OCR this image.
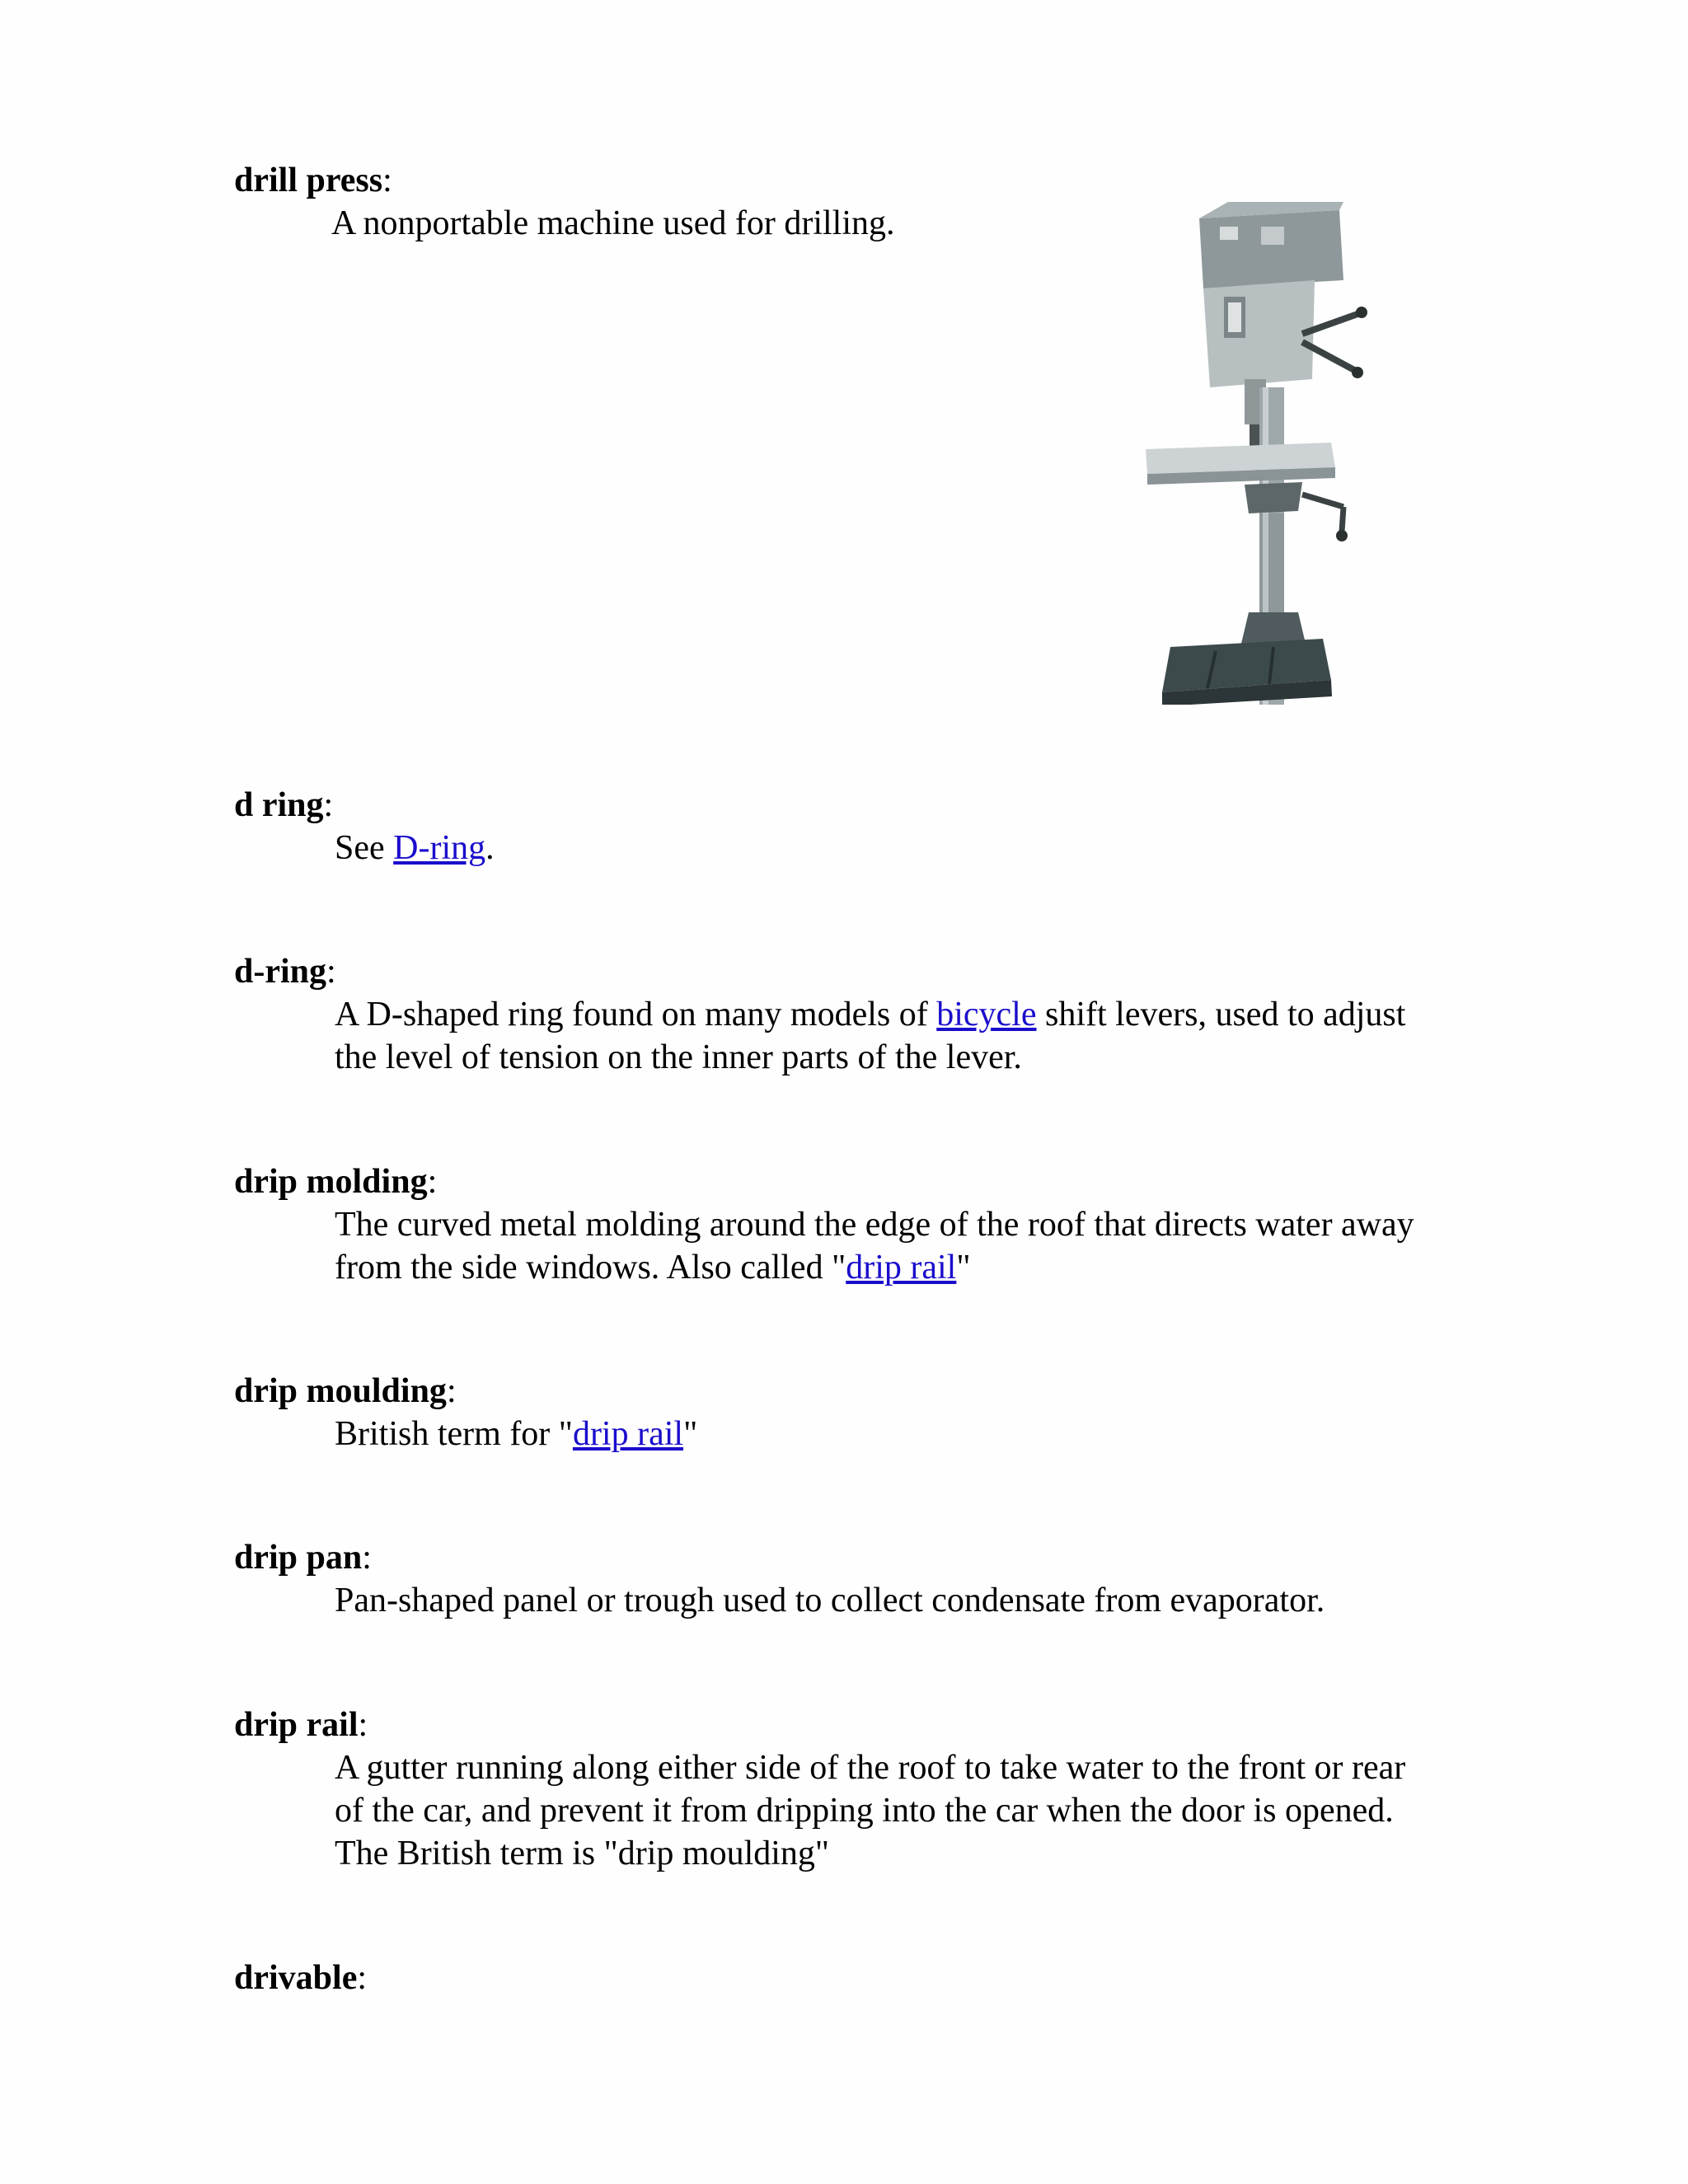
drill press:

A nonportable machine used for drilling.

d ring:

See D-ring.

d-ring:

A D-shaped ring found on many models of bicycle shift levers, used to adjust the level of tension on the inner parts of the lever.

drip molding:

The curved metal molding around the edge of the roof that directs water away from the side windows. Also called "drip rail"

drip moulding:

British term for "drip rail"

drip pan:

Pan-shaped panel or trough used to collect condensate from evaporator.

drip rail:

A gutter running along either side of the roof to take water to the front or rear of the car, and prevent it from dripping into the car when the door is opened. The British term is "drip moulding"

drivable:
